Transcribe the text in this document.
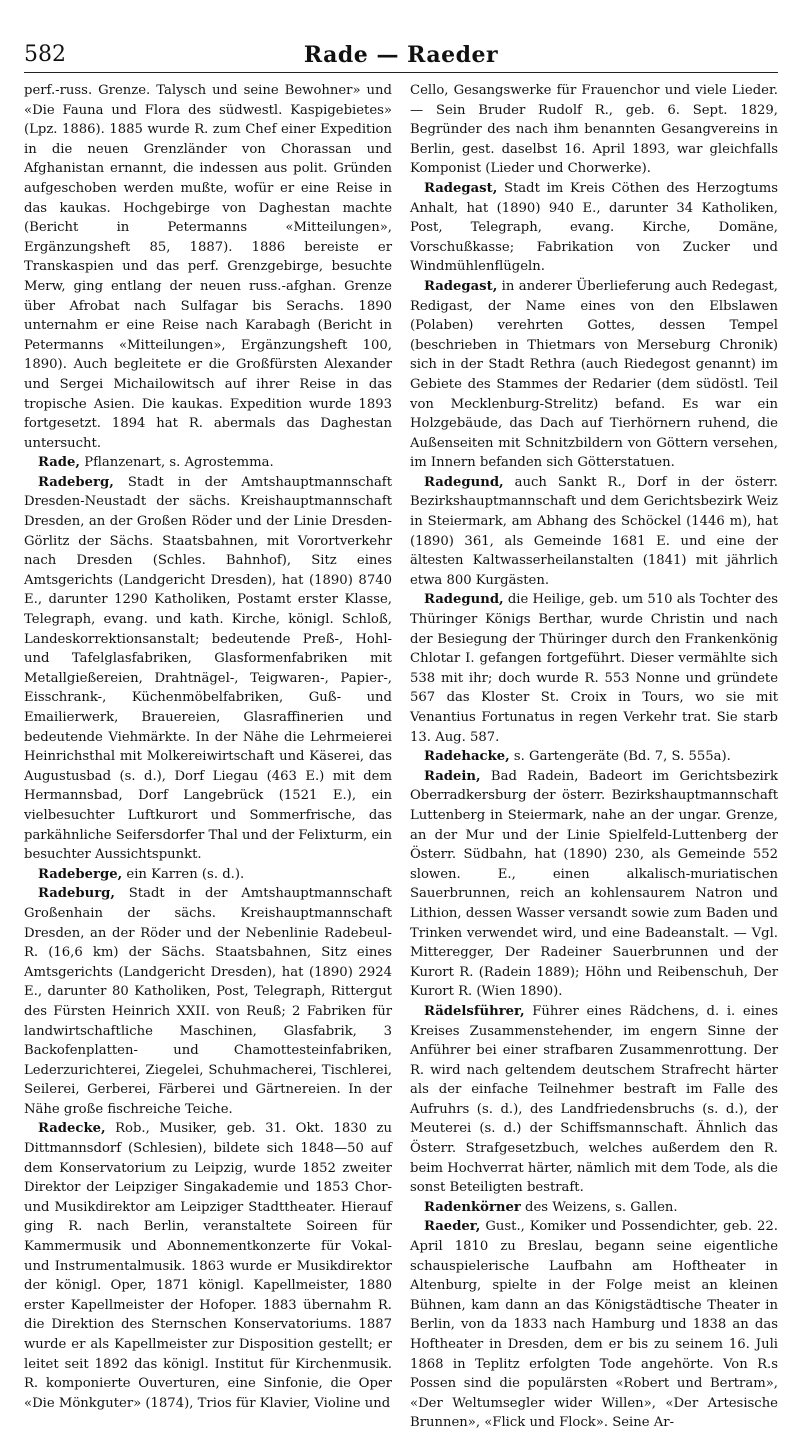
582	Rade — Raeder

perf.-russ. Grenze. Talysch und seine Bewohner» und «Die Fauna und Flora des südwestl. Kaspigebietes» (Lpz. 1886). 1885 wurde R. zum Chef einer Expedition in die neuen Grenzländer von Chorassan und Afghanistan ernannt, die indessen aus polit. Gründen aufgeschoben werden mußte, wofür er eine Reise in das kaukas. Hochgebirge von Daghestan machte (Bericht in Petermanns «Mitteilungen», Ergänzungsheft 85, 1887). 1886 bereiste er Transkaspien und das perf. Grenzgebirge, besuchte Merw, ging entlang der neuen russ.-afghan. Grenze über Afrobat nach Sulfagar bis Serachs. 1890 unternahm er eine Reise nach Karabagh (Bericht in Petermanns «Mitteilungen», Ergänzungsheft 100, 1890). Auch begleitete er die Großfürsten Alexander und Sergei Michailowitsch auf ihrer Reise in das tropische Asien. Die kaukas. Expedition wurde 1893 fortgesetzt. 1894 hat R. abermals das Daghestan untersucht.

Rade, Pflanzenart, s. Agrostemma.

Radeberg, Stadt in der Amtshauptmannschaft Dresden-Neustadt der sächs. Kreishauptmannschaft Dresden, an der Großen Röder und der Linie Dresden-Görlitz der Sächs. Staatsbahnen, mit Vorortverkehr nach Dresden (Schles. Bahnhof), Sitz eines Amtsgerichts (Landgericht Dresden), hat (1890) 8740 E., darunter 1290 Katholiken, Postamt erster Klasse, Telegraph, evang. und kath. Kirche, königl. Schloß, Landeskorrektionsanstalt; bedeutende Preß-, Hohl- und Tafelglasfabriken, Glasformenfabriken mit Metallgießereien, Drahtnägel-, Teigwaren-, Papier-, Eisschrank-, Küchenmöbelfabriken, Guß- und Emailierwerk, Brauereien, Glasraffinerien und bedeutende Viehmärkte. In der Nähe die Lehrmeierei Heinrichsthal mit Molkereiwirtschaft und Käserei, das Augustusbad (s. d.), Dorf Liegau (463 E.) mit dem Hermannsbad, Dorf Langebrück (1521 E.), ein vielbesuchter Luftkurort und Sommerfrische, das parkähnliche Seifersdorfer Thal und der Felixturm, ein besuchter Aussichtspunkt.

Radeberge, ein Karren (s. d.).

Radeburg, Stadt in der Amtshauptmannschaft Großenhain der sächs. Kreishauptmannschaft Dresden, an der Röder und der Nebenlinie Radebeul-R. (16,6 km) der Sächs. Staatsbahnen, Sitz eines Amtsgerichts (Landgericht Dresden), hat (1890) 2924 E., darunter 80 Katholiken, Post, Telegraph, Rittergut des Fürsten Heinrich XXII. von Reuß; 2 Fabriken für landwirtschaftliche Maschinen, Glasfabrik, 3 Backofenplatten- und Chamottesteinfabriken, Lederzurichterei, Ziegelei, Schuhmacherei, Tischlerei, Seilerei, Gerberei, Färberei und Gärtnereien. In der Nähe große fischreiche Teiche.

Radecke, Rob., Musiker, geb. 31. Okt. 1830 zu Dittmannsdorf (Schlesien), bildete sich 1848—50 auf dem Konservatorium zu Leipzig, wurde 1852 zweiter Direktor der Leipziger Singakademie und 1853 Chor- und Musikdirektor am Leipziger Stadttheater. Hierauf ging R. nach Berlin, veranstaltete Soireen für Kammermusik und Abonnementkonzerte für Vokal- und Instrumentalmusik. 1863 wurde er Musikdirektor der königl. Oper, 1871 königl. Kapellmeister, 1880 erster Kapellmeister der Hofoper. 1883 übernahm R. die Direktion des Sternschen Konservatoriums. 1887 wurde er als Kapellmeister zur Disposition gestellt; er leitet seit 1892 das königl. Institut für Kirchenmusik. R. komponierte Ouverturen, eine Sinfonie, die Oper «Die Mönkguter» (1874), Trios für Klavier, Violine und

Cello, Gesangswerke für Frauenchor und viele Lieder. — Sein Bruder Rudolf R., geb. 6. Sept. 1829, Begründer des nach ihm benannten Gesangvereins in Berlin, gest. daselbst 16. April 1893, war gleichfalls Komponist (Lieder und Chorwerke).

Radegast, Stadt im Kreis Cöthen des Herzogtums Anhalt, hat (1890) 940 E., darunter 34 Katholiken, Post, Telegraph, evang. Kirche, Domäne, Vorschußkasse; Fabrikation von Zucker und Windmühlenflügeln.

Radegast, in anderer Überlieferung auch Redegast, Redigast, der Name eines von den Elbslawen (Polaben) verehrten Gottes, dessen Tempel (beschrieben in Thietmars von Merseburg Chronik) sich in der Stadt Rethra (auch Riedegost genannt) im Gebiete des Stammes der Redarier (dem südöstl. Teil von Mecklenburg-Strelitz) befand. Es war ein Holzgebäude, das Dach auf Tierhörnern ruhend, die Außenseiten mit Schnitzbildern von Göttern versehen, im Innern befanden sich Götterstatuen.

Radegund, auch Sankt R., Dorf in der österr. Bezirkshauptmannschaft und dem Gerichtsbezirk Weiz in Steiermark, am Abhang des Schöckel (1446 m), hat (1890) 361, als Gemeinde 1681 E. und eine der ältesten Kaltwasserheilanstalten (1841) mit jährlich etwa 800 Kurgästen.

Radegund, die Heilige, geb. um 510 als Tochter des Thüringer Königs Berthar, wurde Christin und nach der Besiegung der Thüringer durch den Frankenkönig Chlotar I. gefangen fortgeführt. Dieser vermählte sich 538 mit ihr; doch wurde R. 553 Nonne und gründete 567 das Kloster St. Croix in Tours, wo sie mit Venantius Fortunatus in regen Verkehr trat. Sie starb 13. Aug. 587.

Radehacke, s. Gartengeräte (Bd. 7, S. 555a).

Radein, Bad Radein, Badeort im Gerichtsbezirk Oberradkersburg der österr. Bezirkshauptmannschaft Luttenberg in Steiermark, nahe an der ungar. Grenze, an der Mur und der Linie Spielfeld-Luttenberg der Österr. Südbahn, hat (1890) 230, als Gemeinde 552 slowen. E., einen alkalisch-muriatischen Sauerbrunnen, reich an kohlensaurem Natron und Lithion, dessen Wasser versandt sowie zum Baden und Trinken verwendet wird, und eine Badeanstalt. — Vgl. Mitteregger, Der Radeiner Sauerbrunnen und der Kurort R. (Radein 1889); Höhn und Reibenschuh, Der Kurort R. (Wien 1890).

Rädelsführer, Führer eines Rädchens, d. i. eines Kreises Zusammenstehender, im engern Sinne der Anführer bei einer strafbaren Zusammenrottung. Der R. wird nach geltendem deutschem Strafrecht härter als der einfache Teilnehmer bestraft im Falle des Aufruhrs (s. d.), des Landfriedensbruchs (s. d.), der Meuterei (s. d.) der Schiffsmannschaft. Ähnlich das Österr. Strafgesetzbuch, welches außerdem den R. beim Hochverrat härter, nämlich mit dem Tode, als die sonst Beteiligten bestraft.

Radenkörner des Weizens, s. Gallen.

Raeder, Gust., Komiker und Possendichter, geb. 22. April 1810 zu Breslau, begann seine eigentliche schauspielerische Laufbahn am Hoftheater in Altenburg, spielte in der Folge meist an kleinen Bühnen, kam dann an das Königstädtische Theater in Berlin, von da 1833 nach Hamburg und 1838 an das Hoftheater in Dresden, dem er bis zu seinem 16. Juli 1868 in Teplitz erfolgten Tode angehörte. Von R.s Possen sind die populärsten «Robert und Bertram», «Der Weltumsegler wider Willen», «Der Artesische Brunnen», «Flick und Flock». Seine Ar-
